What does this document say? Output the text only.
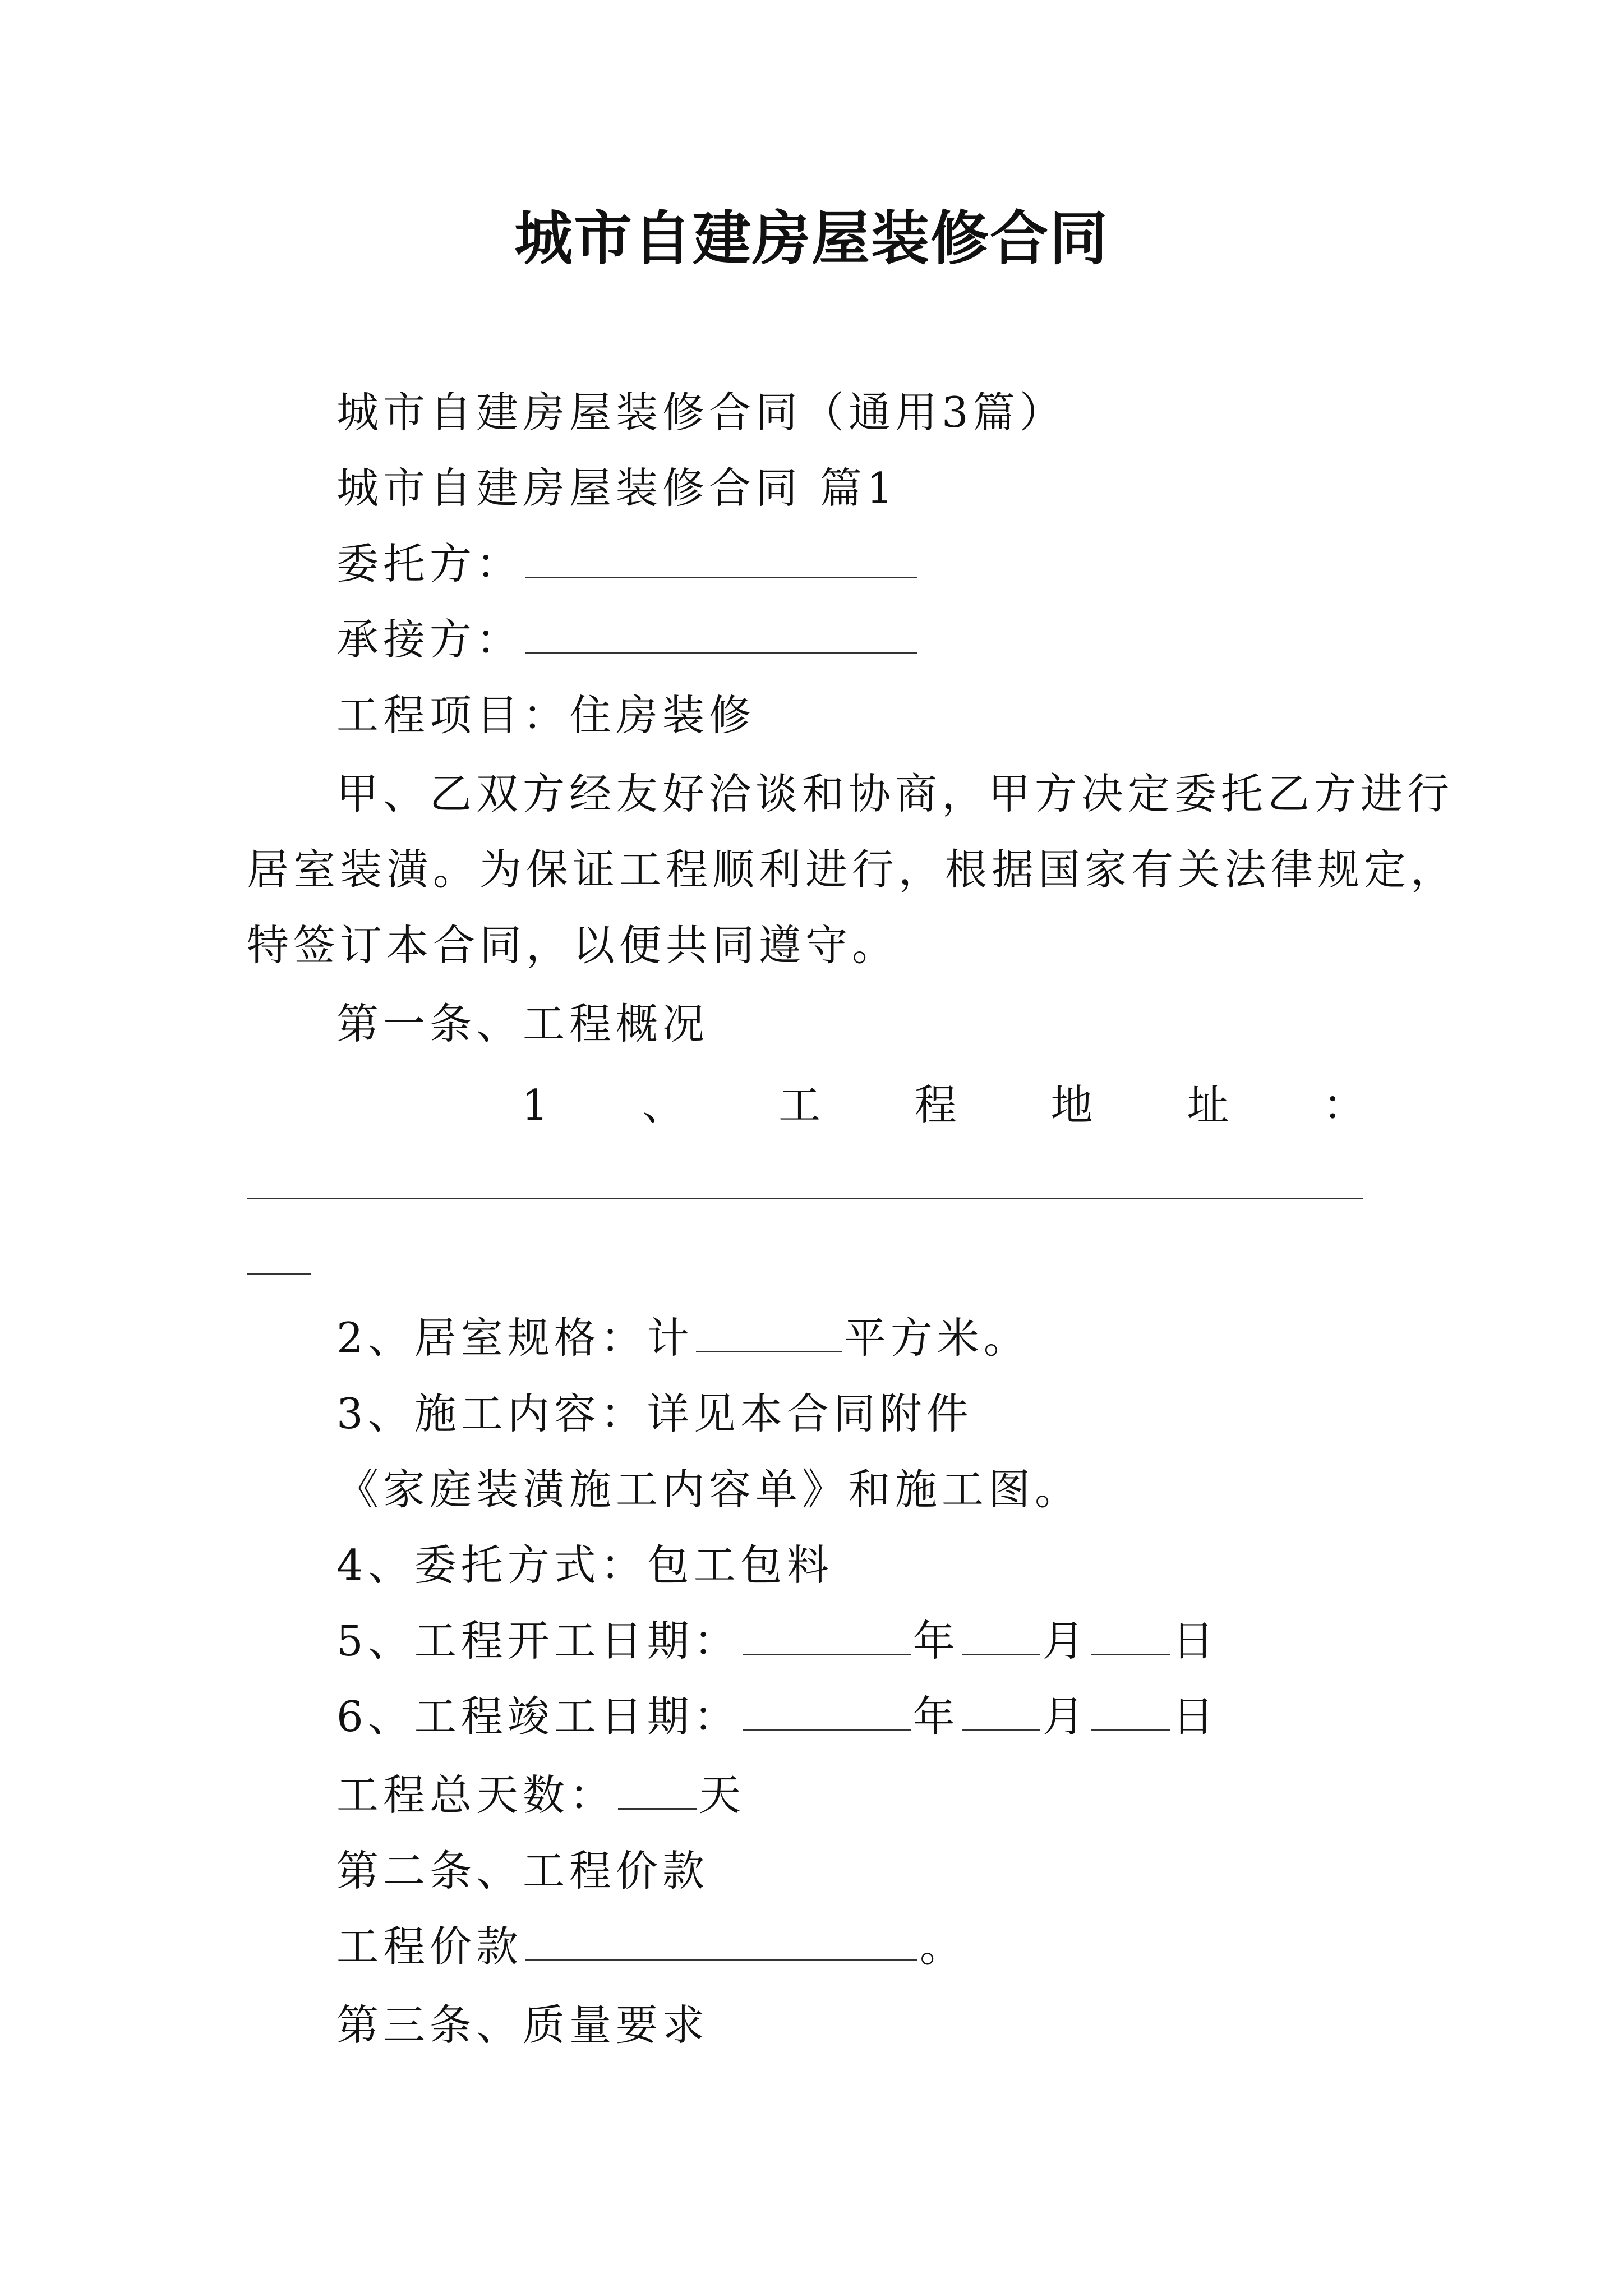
城市自建房屋装修合同
城市自建房屋装修合同（通用3篇）
城市自建房屋装修合同 篇1
委托方：
承接方：
工程项目：住房装修
甲、乙双方经友好洽谈和协商，甲方决定委托乙方进行
居室装潢。为保证工程顺利进行，根据国家有关法律规定，
特签订本合同，以便共同遵守。
第一条、工程概况
1 、 工 程 地 址 ：
2、居室规格：计	平方米。
3、施工内容：详见本合同附件
《家庭装潢施工内容单》和施工图。
4、委托方式：包工包料
5、工程开工日期：	年 月 日
6、工程竣工日期：	年 月 日
工程总天数： 天
第二条、工程价款
工程价款	。
第三条、质量要求
